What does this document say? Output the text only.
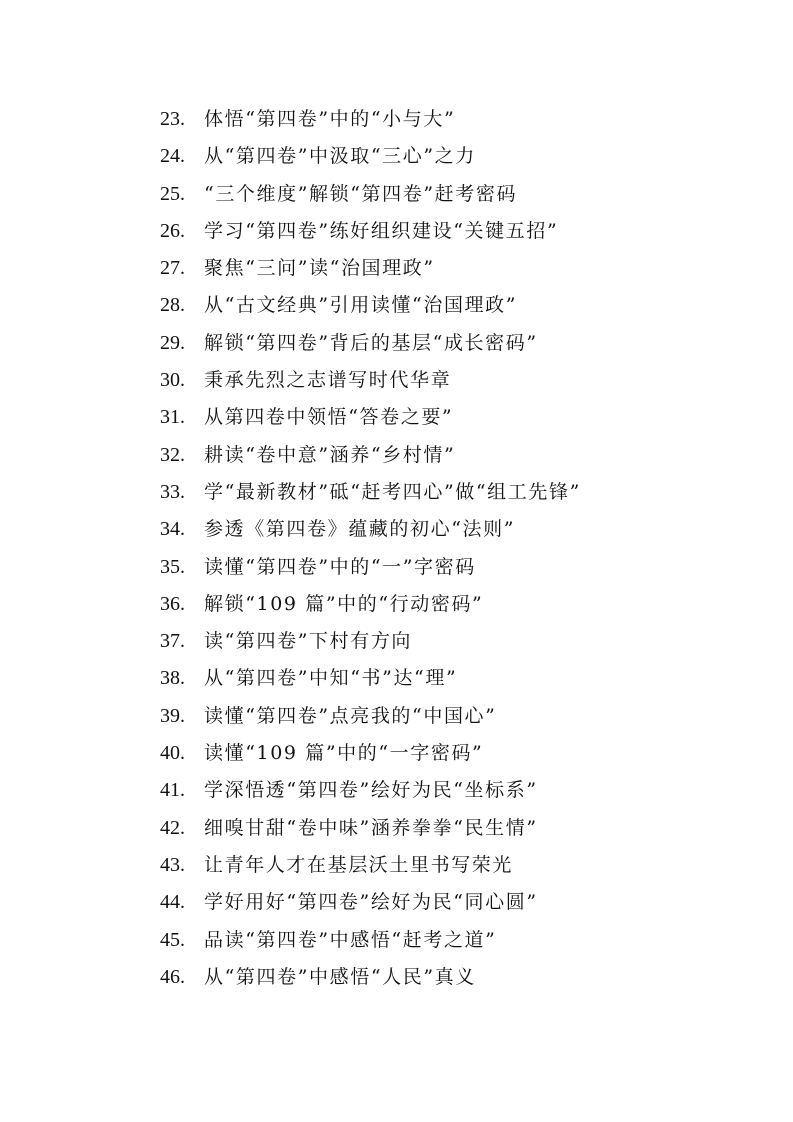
23.	体悟“第四卷”中的“小与大”
24.	从“第四卷”中汲取“三心”之力
25.	“三个维度”解锁“第四卷”赶考密码
26.	学习“第四卷”练好组织建设“关键五招”
27.	聚焦“三问”读“治国理政”
28.	从“古文经典”引用读懂“治国理政”
29.	解锁“第四卷”背后的基层“成长密码”
30.	秉承先烈之志谱写时代华章
31.	从第四卷中领悟“答卷之要”
32.	耕读“卷中意”涵养“乡村情”
33.	学“最新教材”砥“赶考四心”做“组工先锋”
34.	参透《第四卷》蕴藏的初心“法则”
35.	读懂“第四卷”中的“一”字密码
36.	解锁“109 篇”中的“行动密码”
37.	读“第四卷”下村有方向
38.	从“第四卷”中知“书”达“理”
39.	读懂“第四卷”点亮我的“中国心”
40.	读懂“109 篇”中的“一字密码”
41.	学深悟透“第四卷”绘好为民“坐标系”
42.	细嗅甘甜“卷中味”涵养拳拳“民生情”
43.	让青年人才在基层沃土里书写荣光
44.	学好用好“第四卷”绘好为民“同心圆”
45.	品读“第四卷”中感悟“赶考之道”
46.	从“第四卷”中感悟“人民”真义
